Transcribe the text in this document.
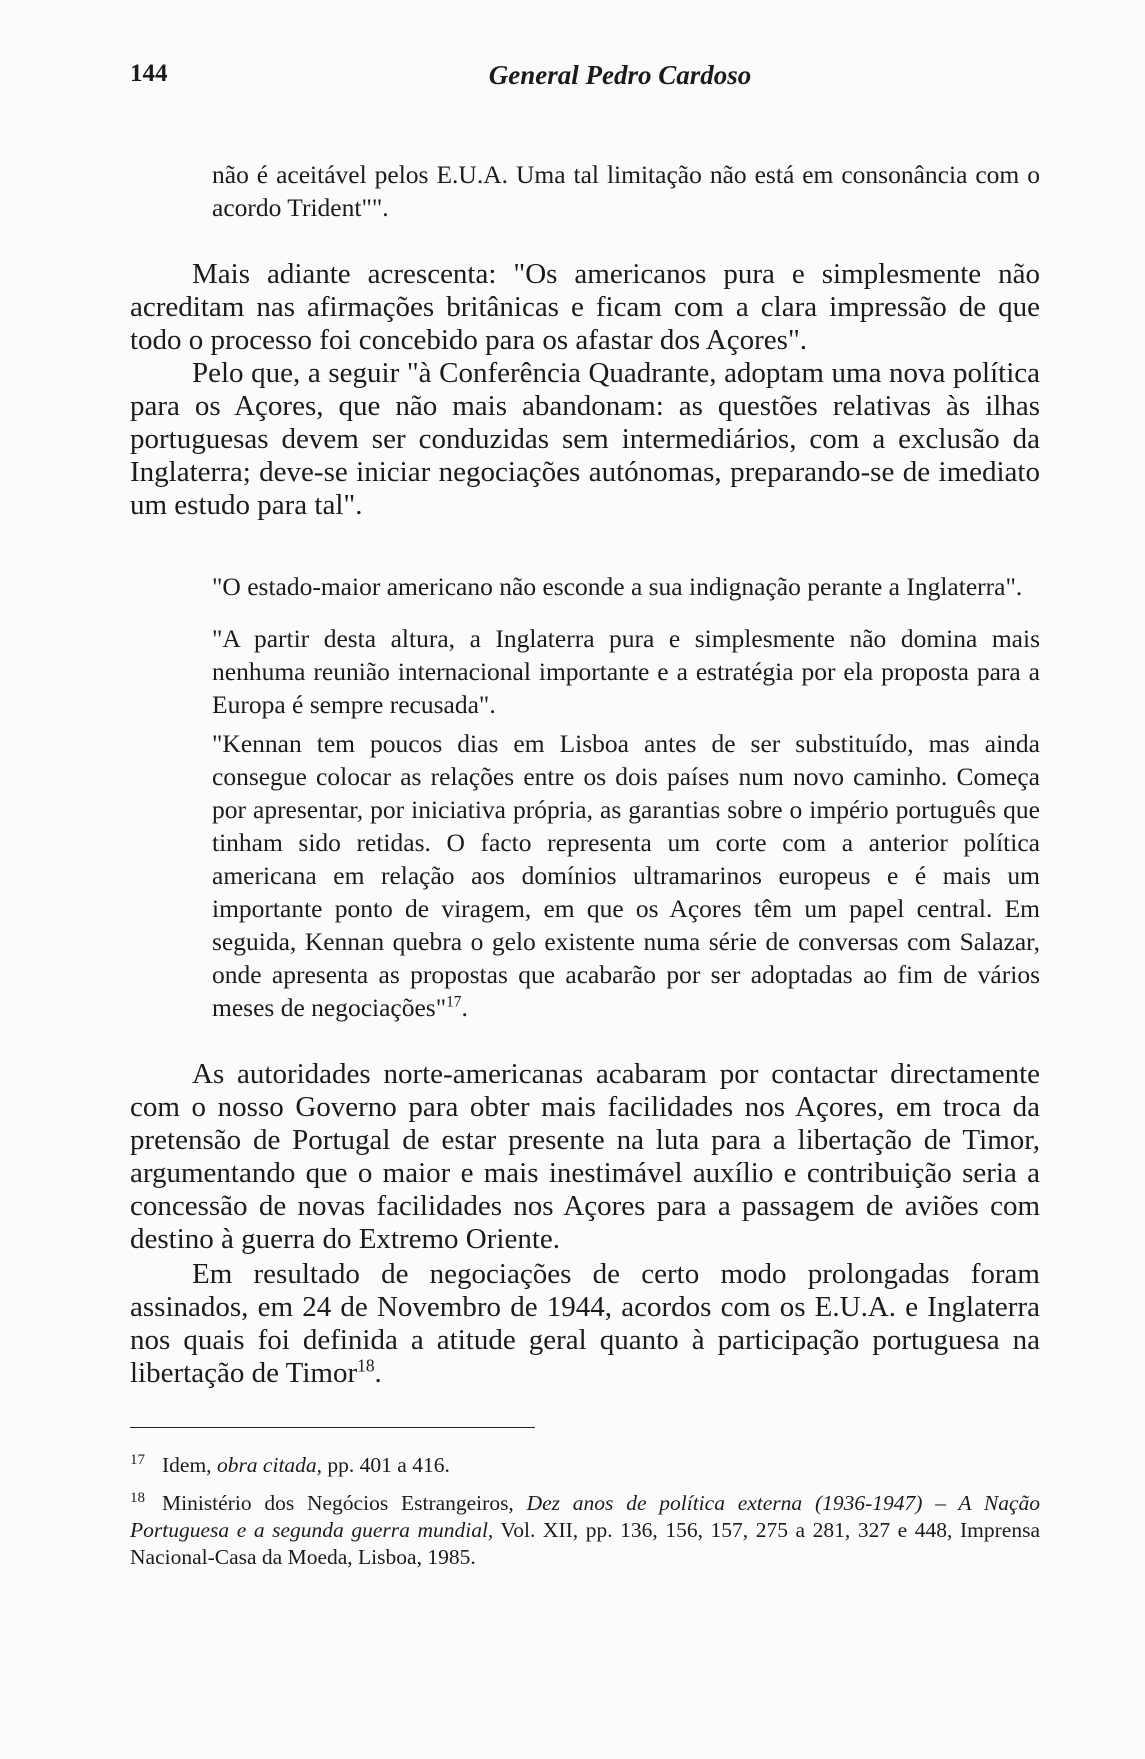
144	General Pedro Cardoso

não é aceitável pelos E.U.A. Uma tal limitação não está em consonância com o acordo Trident"".

Mais adiante acrescenta: "Os americanos pura e simplesmente não acreditam nas afirmações britânicas e ficam com a clara impressão de que todo o processo foi concebido para os afastar dos Açores".

Pelo que, a seguir "à Conferência Quadrante, adoptam uma nova política para os Açores, que não mais abandonam: as questões relativas às ilhas portuguesas devem ser conduzidas sem intermediários, com a exclusão da Inglaterra; deve-se iniciar negociações autónomas, preparando-se de imediato um estudo para tal".

"O estado-maior americano não esconde a sua indignação perante a Inglaterra".

"A partir desta altura, a Inglaterra pura e simplesmente não domina mais nenhuma reunião internacional importante e a estratégia por ela proposta para a Europa é sempre recusada".

"Kennan tem poucos dias em Lisboa antes de ser substituído, mas ainda consegue colocar as relações entre os dois países num novo caminho. Começa por apresentar, por iniciativa própria, as garantias sobre o império português que tinham sido retidas. O facto representa um corte com a anterior política americana em relação aos domínios ultramarinos europeus e é mais um importante ponto de viragem, em que os Açores têm um papel central. Em seguida, Kennan quebra o gelo existente numa série de conversas com Salazar, onde apresenta as propostas que acabarão por ser adoptadas ao fim de vários meses de negociações"$^{17}$.

As autoridades norte-americanas acabaram por contactar directamente com o nosso Governo para obter mais facilidades nos Açores, em troca da pretensão de Portugal de estar presente na luta para a libertação de Timor, argumentando que o maior e mais inestimável auxílio e contribuição seria a concessão de novas facilidades nos Açores para a passagem de aviões com destino à guerra do Extremo Oriente.

Em resultado de negociações de certo modo prolongadas foram assinados, em 24 de Novembro de 1944, acordos com os E.U.A. e Inglaterra nos quais foi definida a atitude geral quanto à participação portuguesa na libertação de Timor$^{18}$.

17 Idem, obra citada, pp. 401 a 416.
18 Ministério dos Negócios Estrangeiros, Dez anos de política externa (1936-1947) – A Nação Portuguesa e a segunda guerra mundial, Vol. XII, pp. 136, 156, 157, 275 a 281, 327 e 448, Imprensa Nacional-Casa da Moeda, Lisboa, 1985.
